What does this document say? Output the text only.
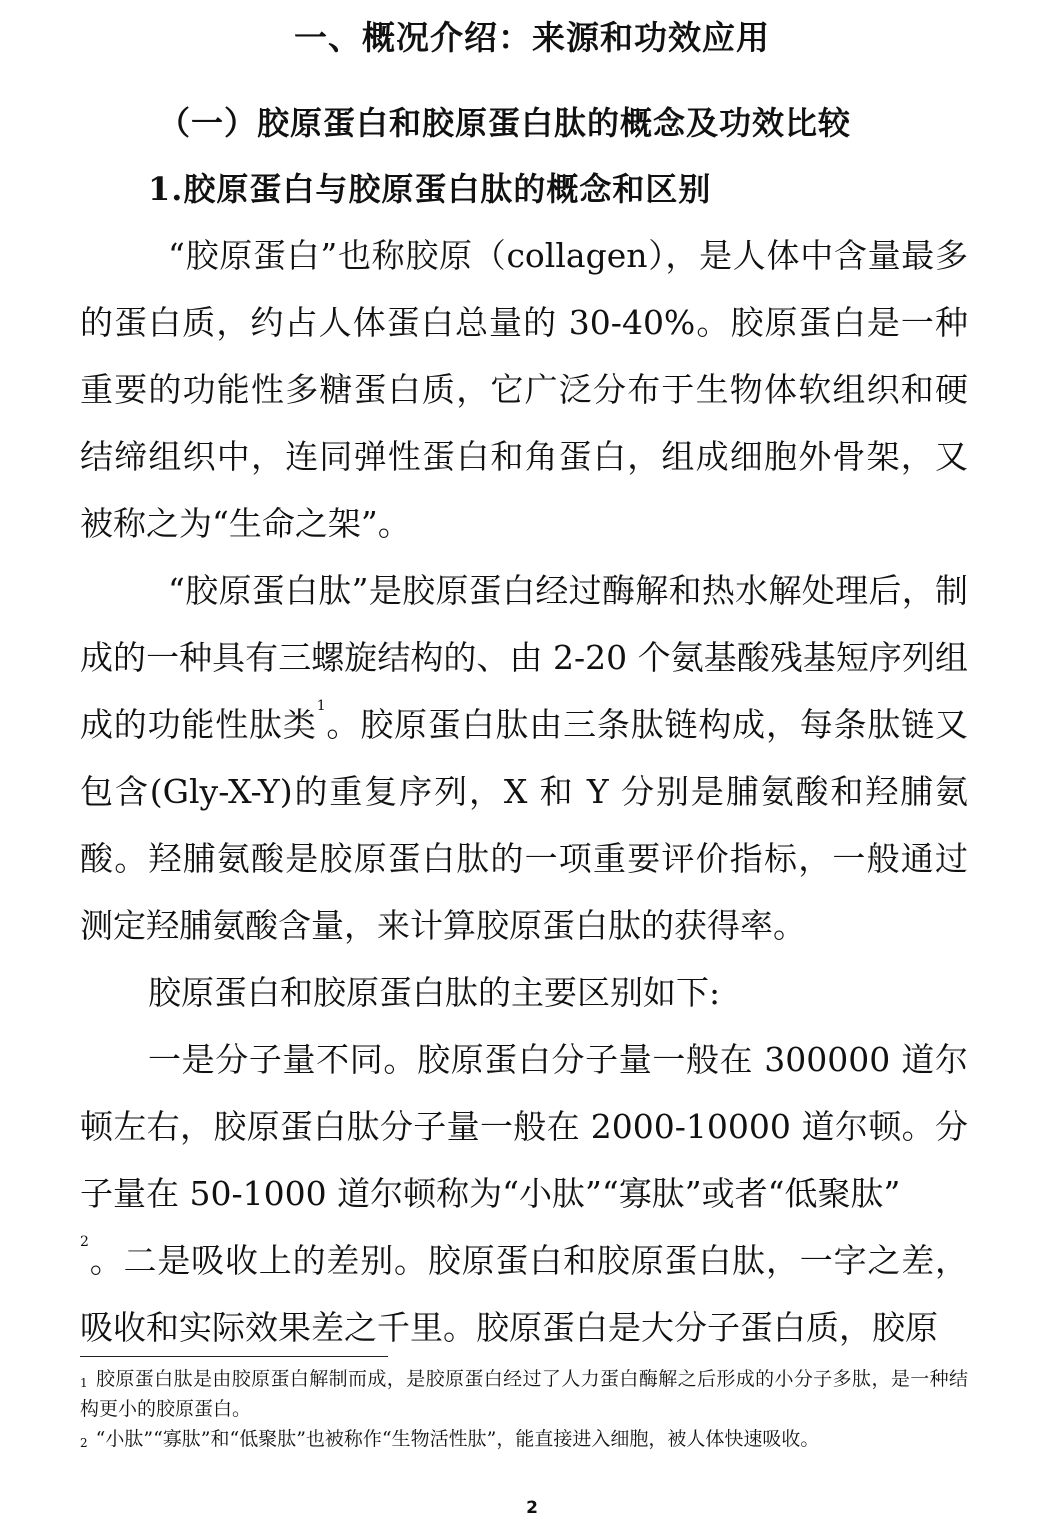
一、概况介绍：来源和功效应用
（一）胶原蛋白和胶原蛋白肽的概念及功效比较
1.胶原蛋白与胶原蛋白肽的概念和区别

“胶原蛋白”也称胶原（collagen），是人体中含量最多的蛋白质，约占人体蛋白总量的 30-40%。胶原蛋白是一种重要的功能性多糖蛋白质，它广泛分布于生物体软组织和硬结缔组织中，连同弹性蛋白和角蛋白，组成细胞外骨架，又被称之为“生命之架”。

“胶原蛋白肽”是胶原蛋白经过酶解和热水解处理后，制成的一种具有三螺旋结构的、由 2-20 个氨基酸残基短序列组成的功能性肽类$^1$。胶原蛋白肽由三条肽链构成，每条肽链又包含(Gly-X-Y)的重复序列，X 和 Y 分别是脯氨酸和羟脯氨酸。羟脯氨酸是胶原蛋白肽的一项重要评价指标，一般通过测定羟脯氨酸含量，来计算胶原蛋白肽的获得率。

胶原蛋白和胶原蛋白肽的主要区别如下:

一是分子量不同。胶原蛋白分子量一般在 300000 道尔顿左右，胶原蛋白肽分子量一般在 2000-10000 道尔顿。分子量在 50-1000 道尔顿称为“小肽”“寡肽”或者“低聚肽”
$^2$。二是吸收上的差别。胶原蛋白和胶原蛋白肽，一字之差，吸收和实际效果差之千里。胶原蛋白是大分子蛋白质，胶原

$^1$ 胶原蛋白肽是由胶原蛋白解制而成，是胶原蛋白经过了人力蛋白酶解之后形成的小分子多肽，是一种结构更小的胶原蛋白。

$^2$ “小肽”“寡肽”和“低聚肽”也被称作“生物活性肽”，能直接进入细胞，被人体快速吸收。

2
